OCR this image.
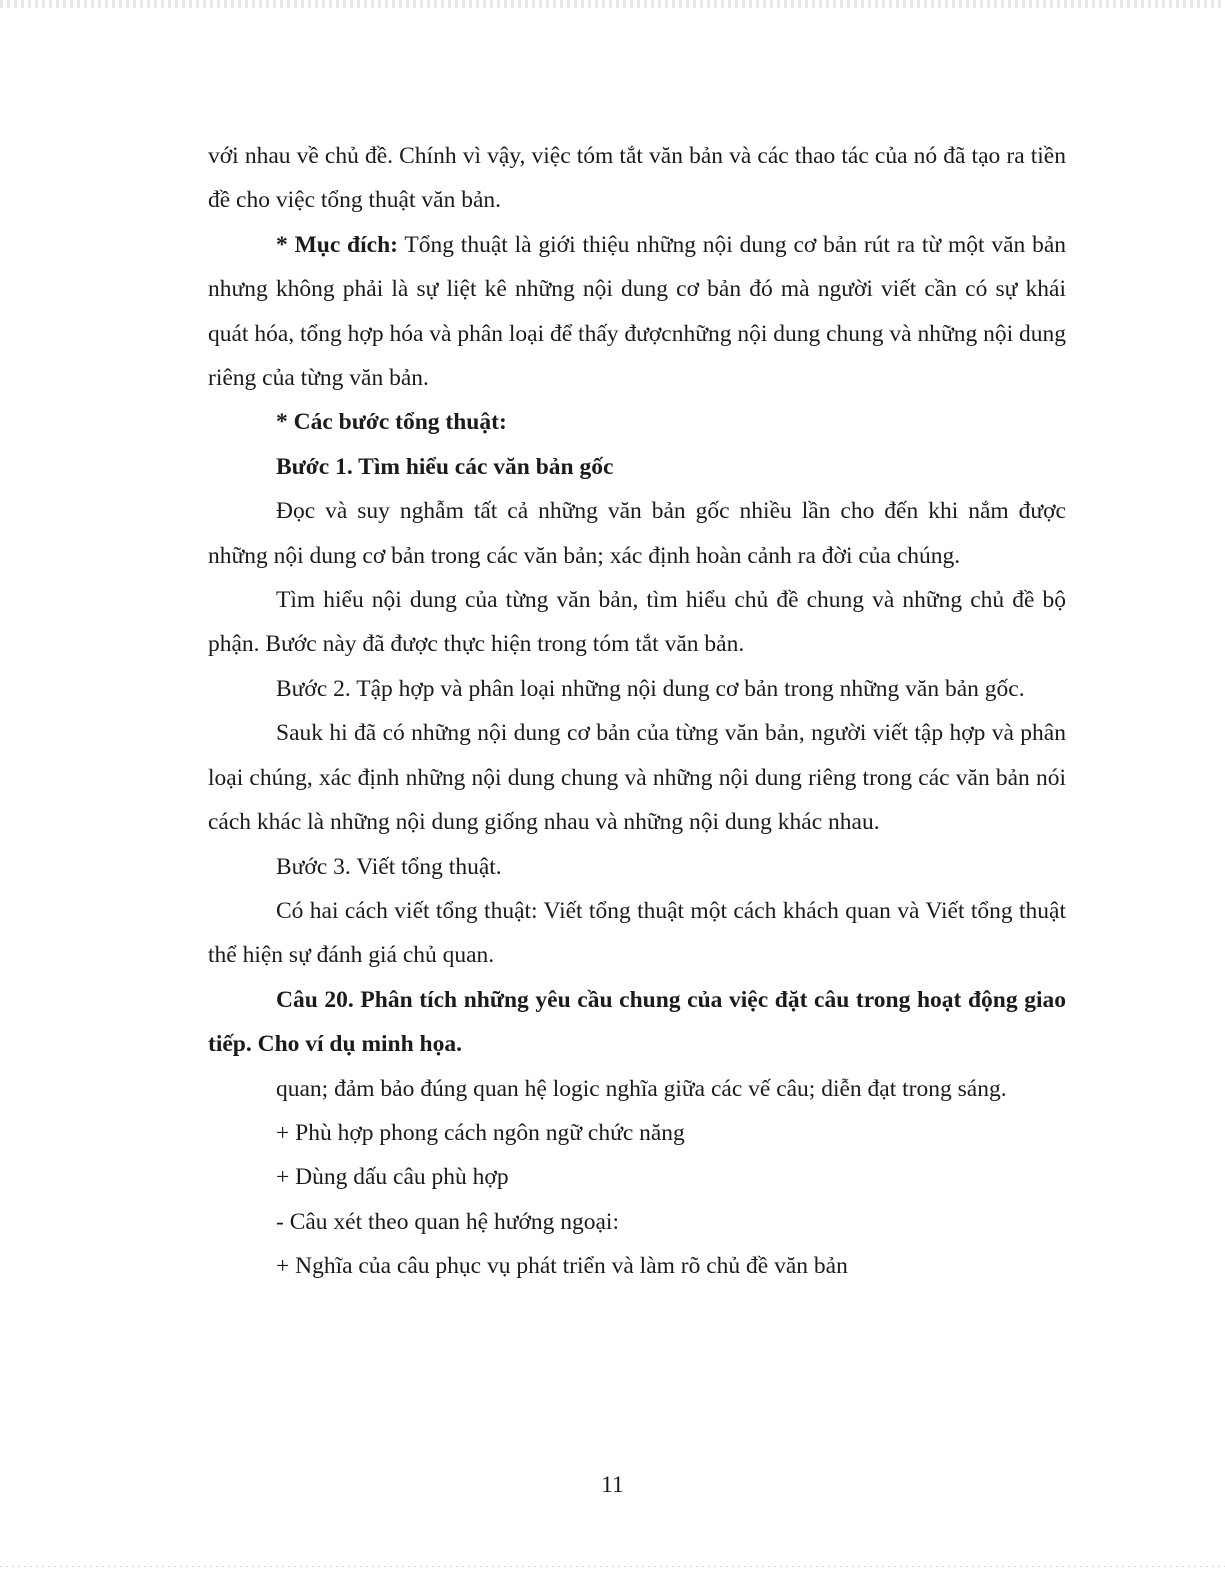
với nhau về chủ đề. Chính vì vậy, việc tóm tắt văn bản và các thao tác của nó đã tạo ra tiền đề cho việc tổng thuật văn bản.

* Mục đích: Tổng thuật là giới thiệu những nội dung cơ bản rút ra từ một văn bản nhưng không phải là sự liệt kê những nội dung cơ bản đó mà người viết cần có sự khái quát hóa, tổng hợp hóa và phân loại để thấy đượcnhững nội dung chung và những nội dung riêng của từng văn bản.

* Các bước tổng thuật:

Bước 1. Tìm hiểu các văn bản gốc

Đọc và suy nghẫm tất cả những văn bản gốc nhiều lần cho đến khi nắm được những nội dung cơ bản trong các văn bản; xác định hoàn cảnh ra đời của chúng.

Tìm hiểu nội dung của từng văn bản, tìm hiểu chủ đề chung và những chủ đề bộ phận. Bước này đã được thực hiện trong tóm tắt văn bản.

Bước 2. Tập hợp và phân loại những nội dung cơ bản trong những văn bản gốc.

Sauk hi đã có những nội dung cơ bản của từng văn bản, người viết tập hợp và phân loại chúng, xác định những nội dung chung và những nội dung riêng trong các văn bản nói cách khác là những nội dung giống nhau và những nội dung khác nhau.

Bước 3. Viết tổng thuật.

Có hai cách viết tổng thuật: Viết tổng thuật một cách khách quan và Viết tổng thuật thể hiện sự đánh giá chủ quan.

Câu 20. Phân tích những yêu cầu chung của việc đặt câu trong hoạt động giao tiếp. Cho ví dụ minh họa.

quan; đảm bảo đúng quan hệ logic nghĩa giữa các vế câu; diễn đạt trong sáng.

+ Phù hợp phong cách ngôn ngữ chức năng

+ Dùng dấu câu phù hợp

- Câu xét theo quan hệ hướng ngoại:

+ Nghĩa của câu phục vụ phát triển và làm rõ chủ đề văn bản

11
